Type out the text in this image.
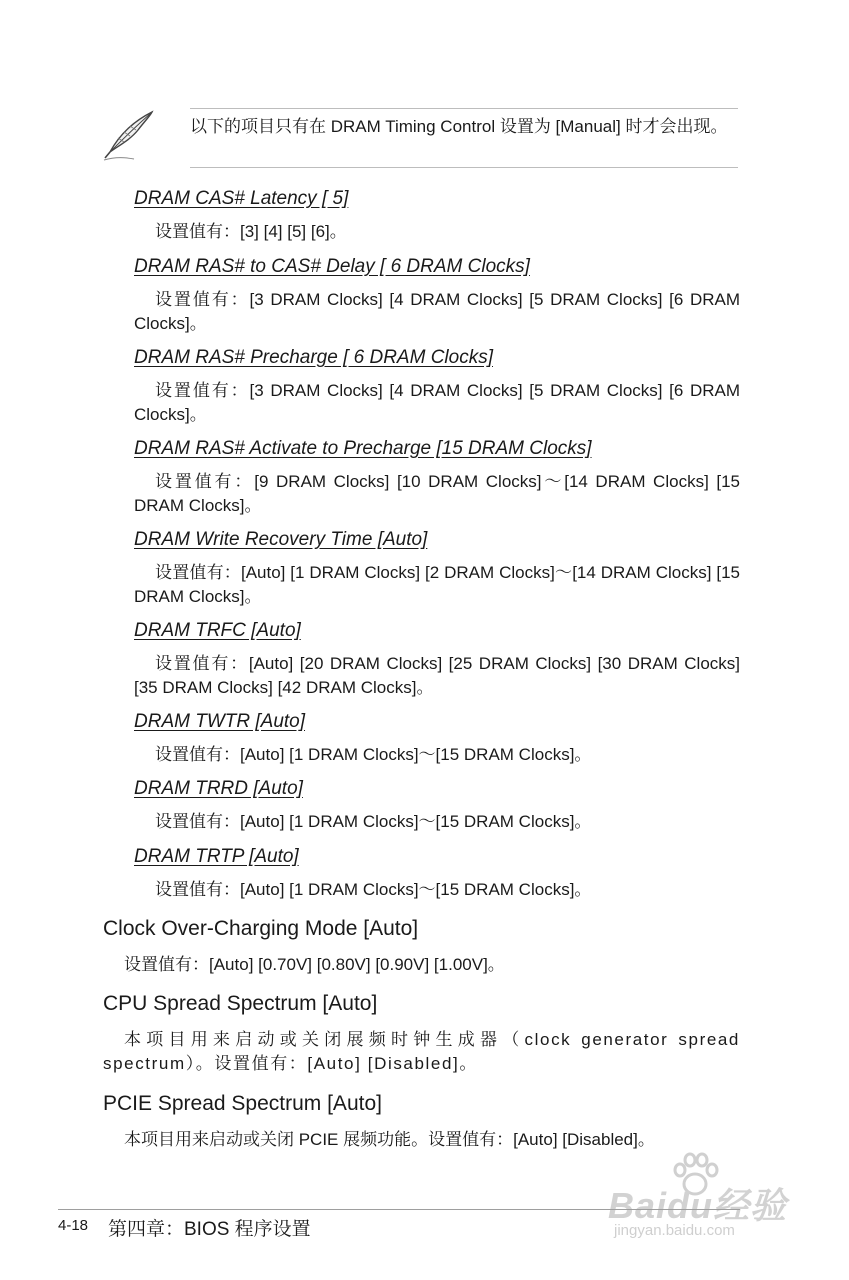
以下的项目只有在 DRAM Timing Control 设置为 [Manual] 时才会出现。
DRAM CAS# Latency [ 5]
设置值有：[3] [4] [5] [6]。
DRAM RAS# to CAS# Delay [ 6 DRAM Clocks]
设置值有：[3 DRAM Clocks] [4 DRAM Clocks] [5 DRAM Clocks] [6 DRAM Clocks]。
DRAM RAS# Precharge [ 6 DRAM Clocks]
设置值有：[3 DRAM Clocks] [4 DRAM Clocks] [5 DRAM Clocks] [6 DRAM Clocks]。
DRAM RAS# Activate to Precharge [15 DRAM Clocks]
设置值有：[9 DRAM Clocks] [10 DRAM Clocks]～[14 DRAM Clocks] [15 DRAM Clocks]。
DRAM Write Recovery Time [Auto]
设置值有：[Auto] [1 DRAM Clocks] [2 DRAM Clocks]～[14 DRAM Clocks] [15 DRAM Clocks]。
DRAM TRFC [Auto]
设置值有：[Auto] [20 DRAM Clocks] [25 DRAM Clocks] [30 DRAM Clocks] [35 DRAM Clocks] [42 DRAM Clocks]。
DRAM TWTR [Auto]
设置值有：[Auto] [1 DRAM Clocks]～[15 DRAM Clocks]。
DRAM TRRD [Auto]
设置值有：[Auto] [1 DRAM Clocks]～[15 DRAM Clocks]。
DRAM TRTP [Auto]
设置值有：[Auto] [1 DRAM Clocks]～[15 DRAM Clocks]。
Clock Over-Charging Mode [Auto]
设置值有：[Auto] [0.70V] [0.80V] [0.90V] [1.00V]。
CPU Spread Spectrum [Auto]
本项目用来启动或关闭展频时钟生成器（clock generator spread spectrum）。设置值有：[Auto] [Disabled]。
PCIE Spread Spectrum [Auto]
本项目用来启动或关闭 PCIE 展频功能。设置值有：[Auto] [Disabled]。
Baidu经验
jingyan.baidu.com
4-18 第四章：BIOS 程序设置
